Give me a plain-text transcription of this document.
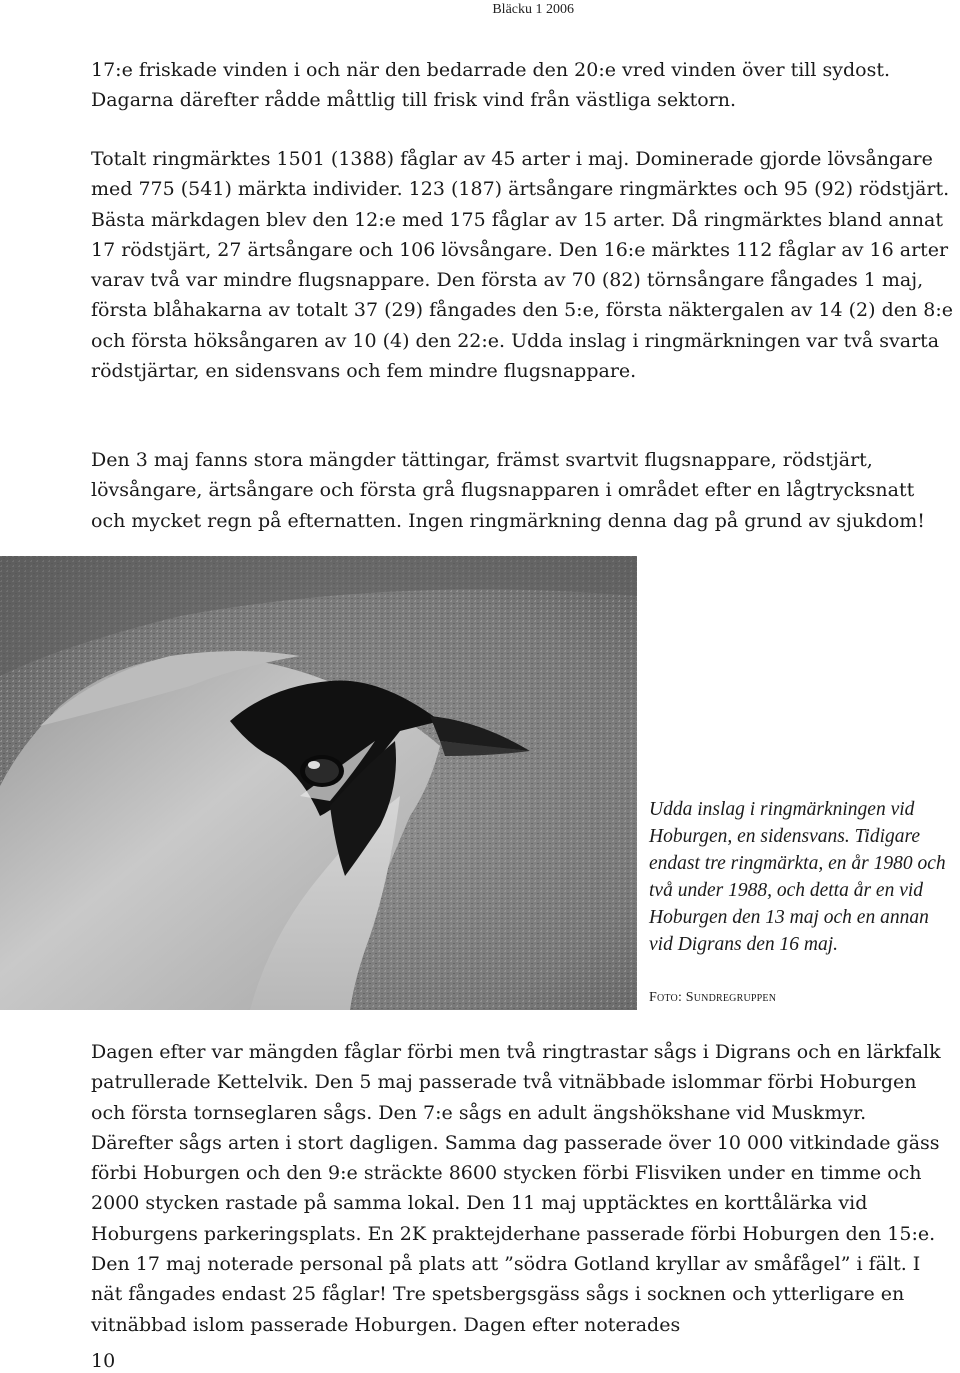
Bläcku 1 2006

17:e friskade vinden i och när den bedarrade den 20:e vred vinden över till sydost. Dagarna därefter rådde måttlig till frisk vind från västliga sektorn.

Totalt ringmärktes 1501 (1388) fåglar av 45 arter i maj. Dominerade gjorde lövsångare med 775 (541) märkta individer. 123 (187) ärtsångare ringmärktes och 95 (92) rödstjärt. Bästa märkdagen blev den 12:e med 175 fåglar av 15 arter. Då ringmärktes bland annat 17 rödstjärt, 27 ärtsångare och 106 lövsångare. Den 16:e märktes 112 fåglar av 16 arter varav två var mindre flugsnappare. Den första av 70 (82) törnsångare fångades 1 maj, första blåhakarna av totalt 37 (29) fångades den 5:e, första näktergalen av 14 (2) den 8:e och första höksångaren av 10 (4) den 22:e. Udda inslag i ringmärkningen var två svarta rödstjärtar, en sidensvans och fem mindre flugsnappare.

Den 3 maj fanns stora mängder tättingar, främst svartvit flugsnappare, rödstjärt, lövsångare, ärtsångare och första grå flugsnapparen i området efter en lågtrycksnatt och mycket regn på efternatten. Ingen ringmärkning denna dag på grund av sjukdom!

Udda inslag i ringmärkningen vid Hoburgen, en sidensvans. Tidigare endast tre ringmärkta, en år 1980 och två under 1988, och detta år en vid Hoburgen den 13 maj och en annan vid Digrans den 16 maj.

Foto: Sundregruppen

Dagen efter var mängden fåglar förbi men två ringtrastar sågs i Digrans och en lärkfalk patrullerade Kettelvik. Den 5 maj passerade två vitnäbbade islommar förbi Hoburgen och första tornseglaren sågs. Den 7:e sågs en adult ängshökshane vid Muskmyr. Därefter sågs arten i stort dagligen. Samma dag passerade över 10 000 vitkindade gäss förbi Hoburgen och den 9:e sträckte 8600 stycken förbi Flisviken under en timme och 2000 stycken rastade på samma lokal. Den 11 maj upptäcktes en korttålärka vid Hoburgens parkeringsplats. En 2K praktejderhane passerade förbi Hoburgen den 15:e. Den 17 maj noterade personal på plats att ”södra Gotland kryllar av småfågel” i fält. I nät fångades endast 25 fåglar! Tre spetsbergsgäss sågs i socknen och ytterligare en vitnäbbad islom passerade Hoburgen. Dagen efter noterades

10
